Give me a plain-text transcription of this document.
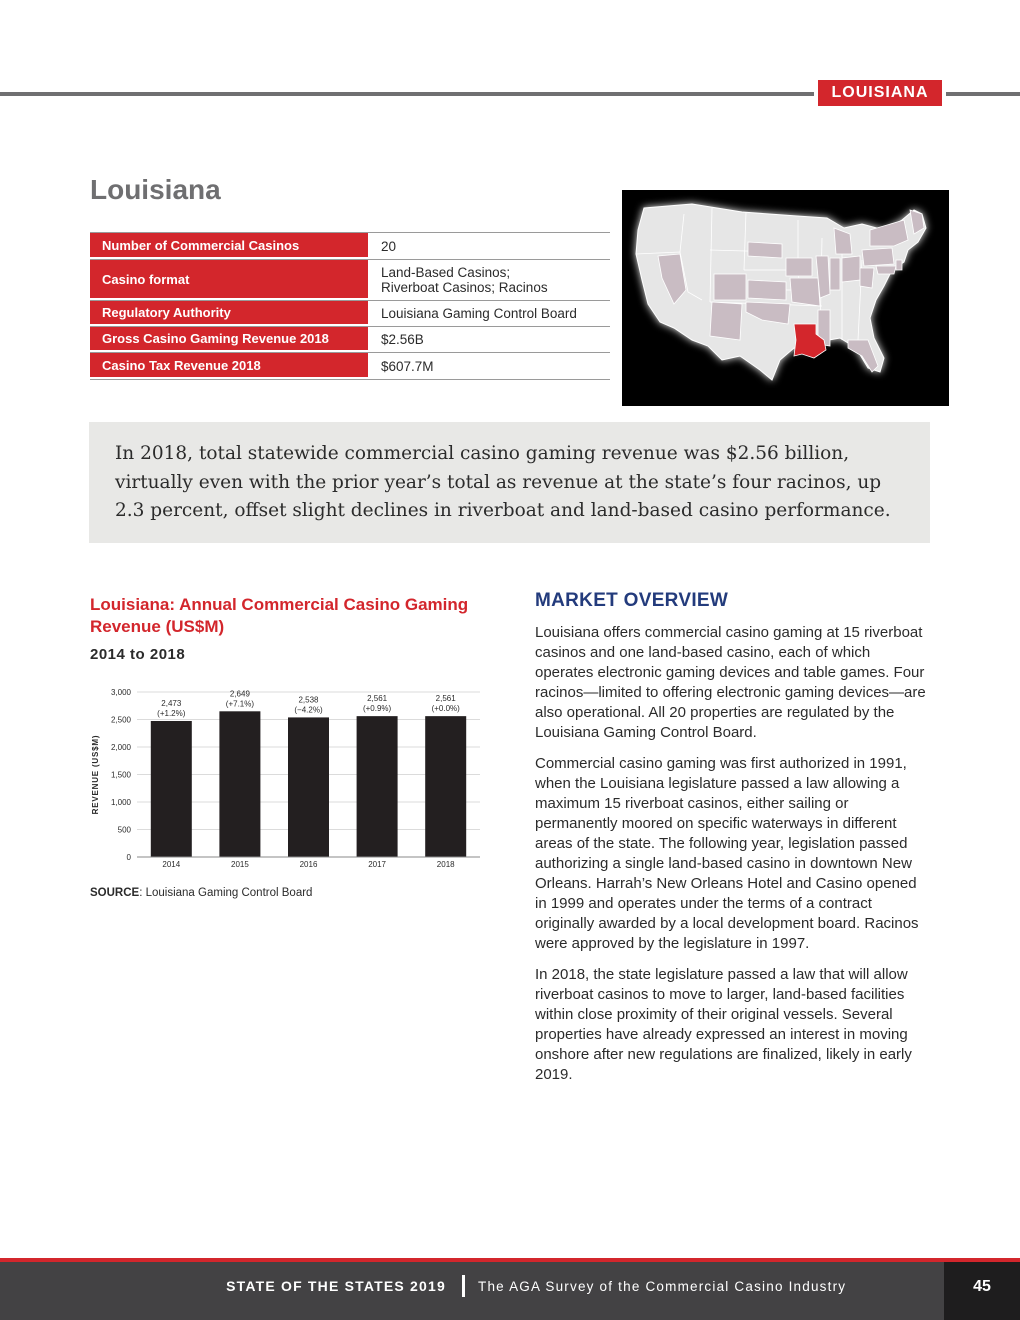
LOUISIANA
Louisiana
Number of Commercial Casinos	20
Casino format	Land-Based Casinos;
Riverboat Casinos; Racinos
Regulatory Authority	Louisiana Gaming Control Board
Gross Casino Gaming Revenue 2018	$2.56B
Casino Tax Revenue 2018	$607.7M

In 2018, total statewide commercial casino gaming revenue was $2.56 billion, virtually even with the prior year’s total as revenue at the state’s four racinos, up 2.3 percent, offset slight declines in riverboat and land-based casino performance.

Louisiana: Annual Commercial Casino Gaming Revenue (US$M)
2014 to 2018
0
500
1,000
1,500
2,000
2,500
3,000
REVENUE (US$M)
2,473
(+1.2%)
2014
2,649
(+7.1%)
2015
2,538
(−4.2%)
2016
2,561
(+0.9%)
2017
2,561
(+0.0%)
2018
SOURCE: Louisiana Gaming Control Board
MARKET OVERVIEW

Louisiana offers commercial casino gaming at 15 riverboat casinos and one land-based casino, each of which operates electronic gaming devices and table games. Four racinos—limited to offering electronic gaming devices—are also operational. All 20 properties are regulated by the Louisiana Gaming Control Board.

Commercial casino gaming was first authorized in 1991, when the Louisiana legislature passed a law allowing a maximum 15 riverboat casinos, either sailing or permanently moored on specific waterways in different areas of the state. The following year, legislation passed authorizing a single land-based casino in downtown New Orleans. Harrah’s New Orleans Hotel and Casino opened in 1999 and operates under the terms of a contract originally awarded by a local development board. Racinos were approved by the legislature in 1997.

In 2018, the state legislature passed a law that will allow riverboat casinos to move to larger, land-based facilities within close proximity of their original vessels. Several properties have already expressed an interest in moving onshore after new regulations are finalized, likely in early 2019.

STATE OF THE STATES 2019 The AGA Survey of the Commercial Casino Industry	45
